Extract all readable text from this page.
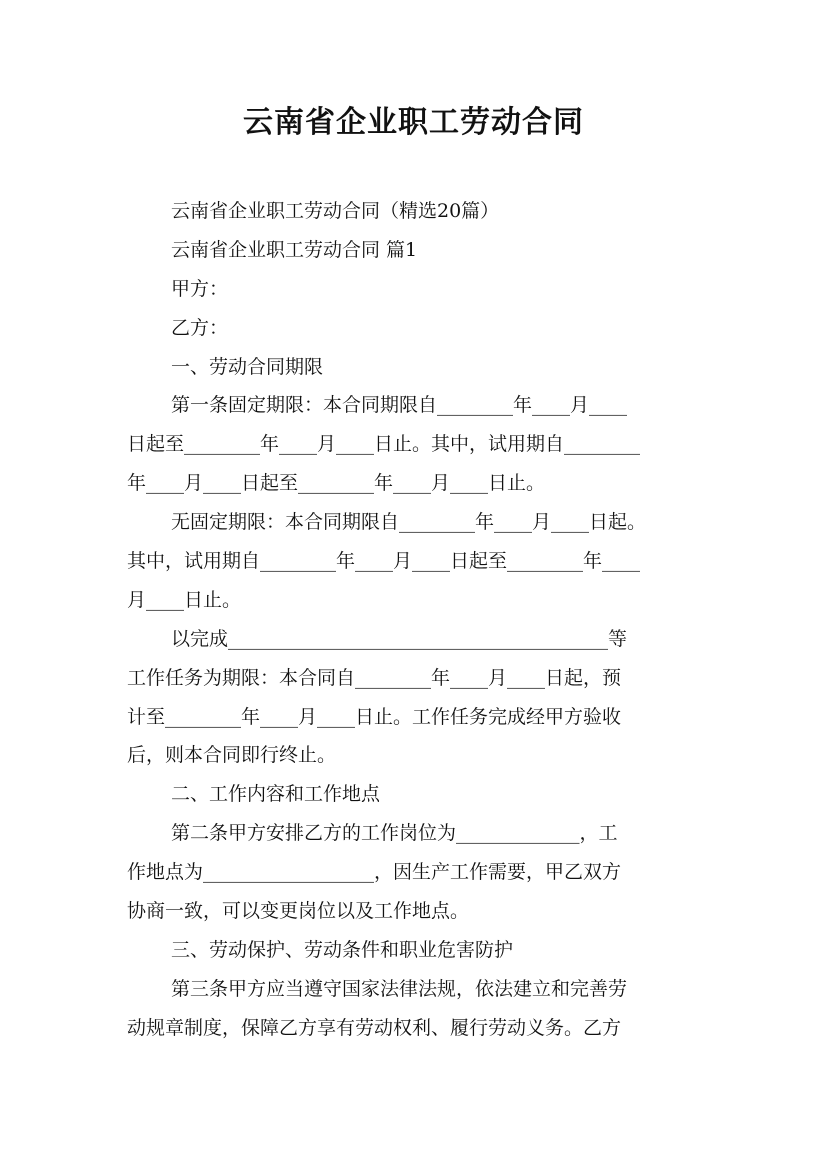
云南省企业职工劳动合同
云南省企业职工劳动合同（精选20篇）
云南省企业职工劳动合同 篇1
甲方：
乙方：
一、劳动合同期限
第一条固定期限：本合同期限自________年____月____
日起至________年____月____日止。其中，试用期自________
年____月____日起至________年____月____日止。
无固定期限：本合同期限自________年____月____日起。
其中，试用期自________年____月____日起至________年____
月____日止。
以完成________________________________________等
工作任务为期限：本合同自________年____月____日起，预
计至________年____月____日止。工作任务完成经甲方验收
后，则本合同即行终止。
二、工作内容和工作地点
第二条甲方安排乙方的工作岗位为_____________，工
作地点为__________________，因生产工作需要，甲乙双方
协商一致，可以变更岗位以及工作地点。
三、劳动保护、劳动条件和职业危害防护
第三条甲方应当遵守国家法律法规，依法建立和完善劳
动规章制度，保障乙方享有劳动权利、履行劳动义务。乙方
